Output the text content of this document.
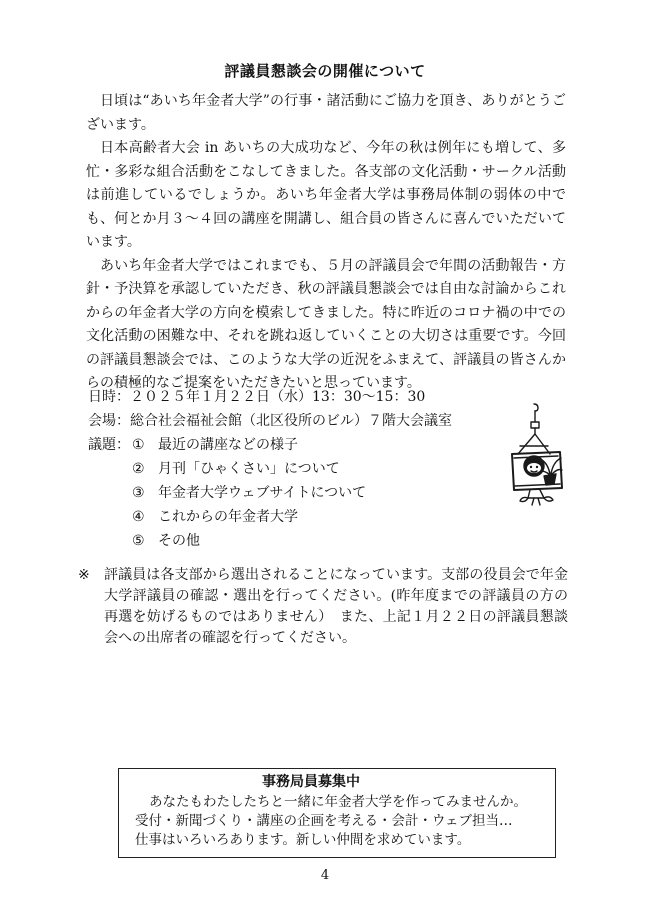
評議員懇談会の開催について

日頃は“あいち年金者大学”の行事・諸活動にご協力を頂き、ありがとうございます。

日本高齢者大会 in あいちの大成功など、今年の秋は例年にも増して、多忙・多彩な組合活動をこなしてきました。各支部の文化活動・サークル活動は前進しているでしょうか。あいち年金者大学は事務局体制の弱体の中でも、何とか月３～４回の講座を開講し、組合員の皆さんに喜んでいただいています。

あいち年金者大学ではこれまでも、５月の評議員会で年間の活動報告・方針・予決算を承認していただき、秋の評議員懇談会では自由な討論からこれからの年金者大学の方向を模索してきました。特に昨近のコロナ禍の中での文化活動の困難な中、それを跳ね返していくことの大切さは重要です。今回の評議員懇談会では、このような大学の近況をふまえて、評議員の皆さんからの積極的なご提案をいただきたいと思っています。

日時：２０２５年１月２２日（水）13：30～15：30
会場：総合社会福祉会館（北区役所のビル）７階大会議室
議題： ① 最近の講座などの様子
② 月刊「ひゃくさい」について
③ 年金者大学ウェブサイトについて
④ これからの年金者大学
⑤ その他
※	評議員は各支部から選出されることになっています。支部の役員会で年金大学評議員の確認・選出を行ってください。(昨年度までの評議員の方の再選を妨げるものではありません）　また、上記１月２２日の評議員懇談会への出席者の確認を行ってください。
事務局員募集中
あなたもわたしたちと一緒に年金者大学を作ってみませんか。
受付・新聞づくり・講座の企画を考える・会計・ウェブ担当…
仕事はいろいろあります。新しい仲間を求めています。
4
